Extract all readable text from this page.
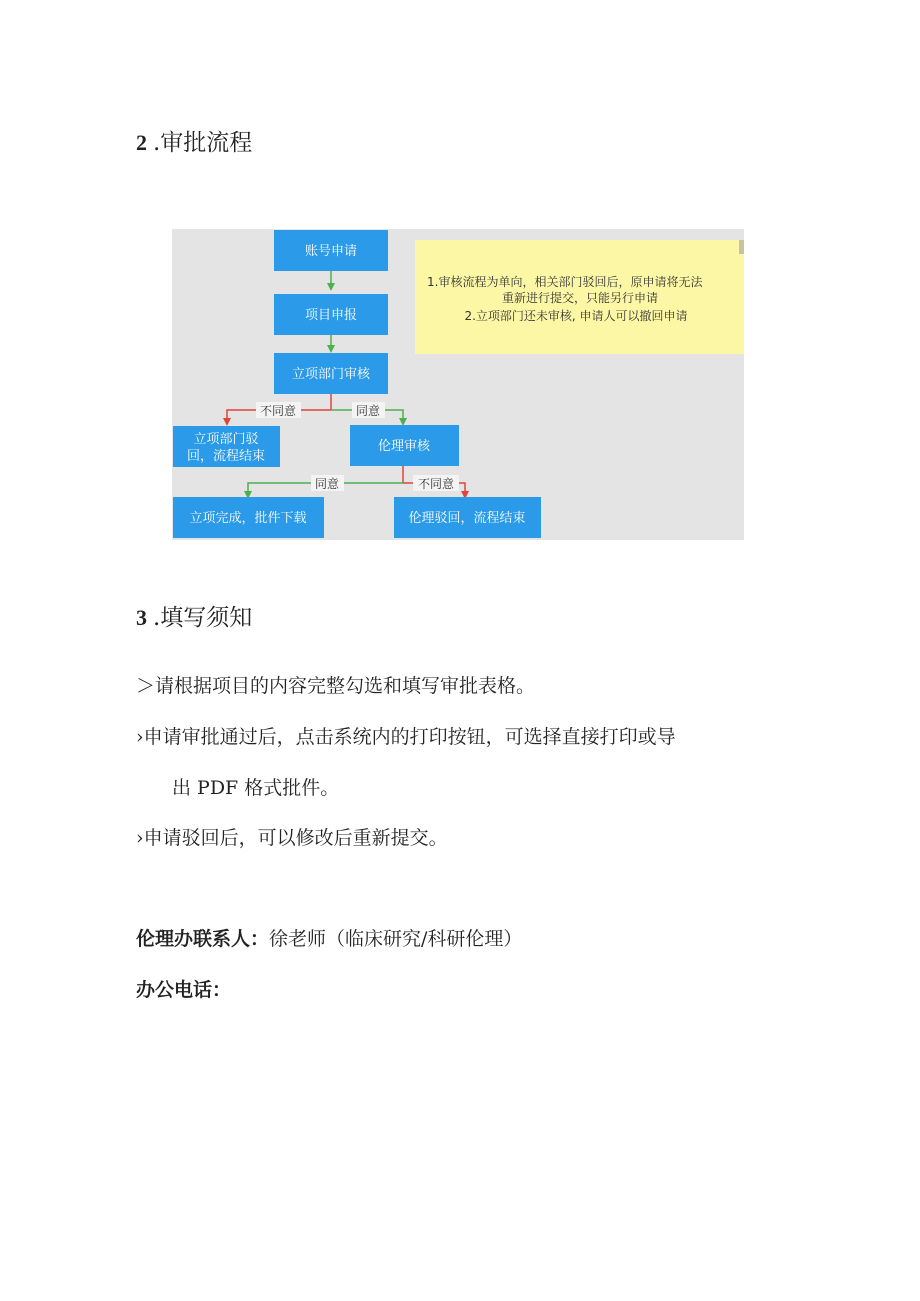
2 .审批流程
1.审核流程为单向，相关部门驳回后，原申请将无法
重新进行提交，只能另行申请
2.立项部门还未审核, 申请人可以撤回申请
不同意	同意
同意	不同意
账号申请
项目申报
立项部门审核
立项部门驳
回，流程结束
伦理审核
立项完成，批件下载	伦理驳回，流程结束
3 .填写须知
＞请根据项目的内容完整勾选和填写审批表格。
›申请审批通过后，点击系统内的打印按钮，可选择直接打印或导
出 PDF 格式批件。
›申请驳回后，可以修改后重新提交。
伦理办联系人：徐老师（临床研究/科研伦理）
办公电话：
